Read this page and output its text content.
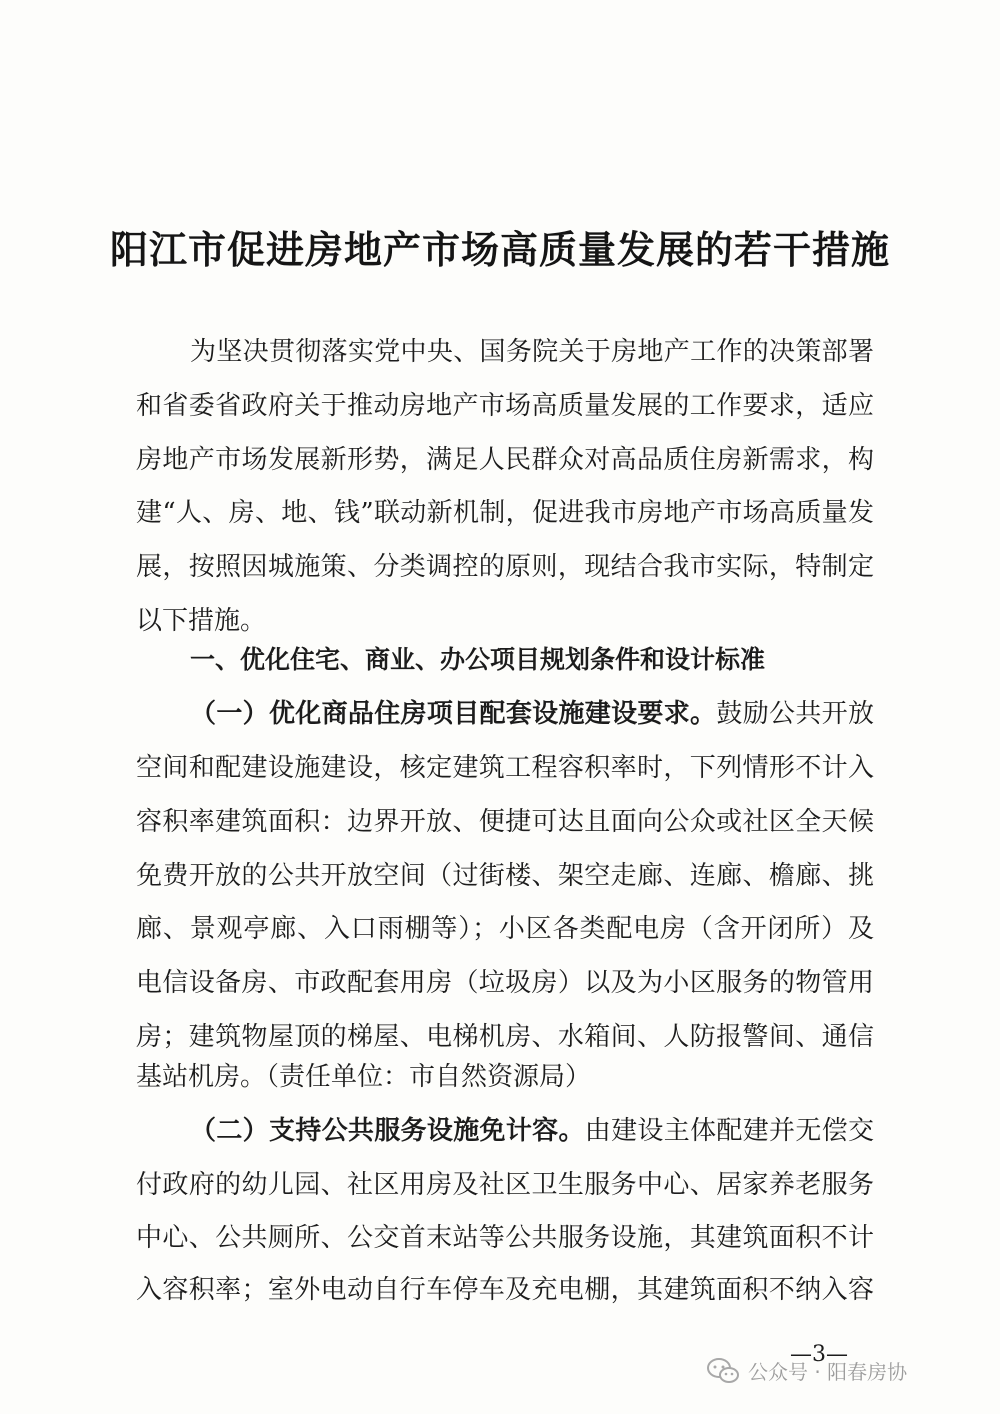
阳江市促进房地产市场高质量发展的若干措施
为坚决贯彻落实党中央、国务院关于房地产工作的决策部署
和省委省政府关于推动房地产市场高质量发展的工作要求，适应
房地产市场发展新形势，满足人民群众对高品质住房新需求，构
建“人、房、地、钱”联动新机制，促进我市房地产市场高质量发
展，按照因城施策、分类调控的原则，现结合我市实际，特制定
以下措施。
一、优化住宅、商业、办公项目规划条件和设计标准
（一）优化商品住房项目配套设施建设要求。鼓励公共开放
空间和配建设施建设，核定建筑工程容积率时，下列情形不计入
容积率建筑面积：边界开放、便捷可达且面向公众或社区全天候
免费开放的公共开放空间（过街楼、架空走廊、连廊、檐廊、挑
廊、景观亭廊、入口雨棚等）；小区各类配电房（含开闭所）及
电信设备房、市政配套用房（垃圾房）以及为小区服务的物管用
房；建筑物屋顶的梯屋、电梯机房、水箱间、人防报警间、通信
基站机房。（责任单位：市自然资源局）
（二）支持公共服务设施免计容。由建设主体配建并无偿交
付政府的幼儿园、社区用房及社区卫生服务中心、居家养老服务
中心、公共厕所、公交首末站等公共服务设施，其建筑面积不计
入容积率；室外电动自行车停车及充电棚，其建筑面积不纳入容
—3—
公众号 · 阳春房协
